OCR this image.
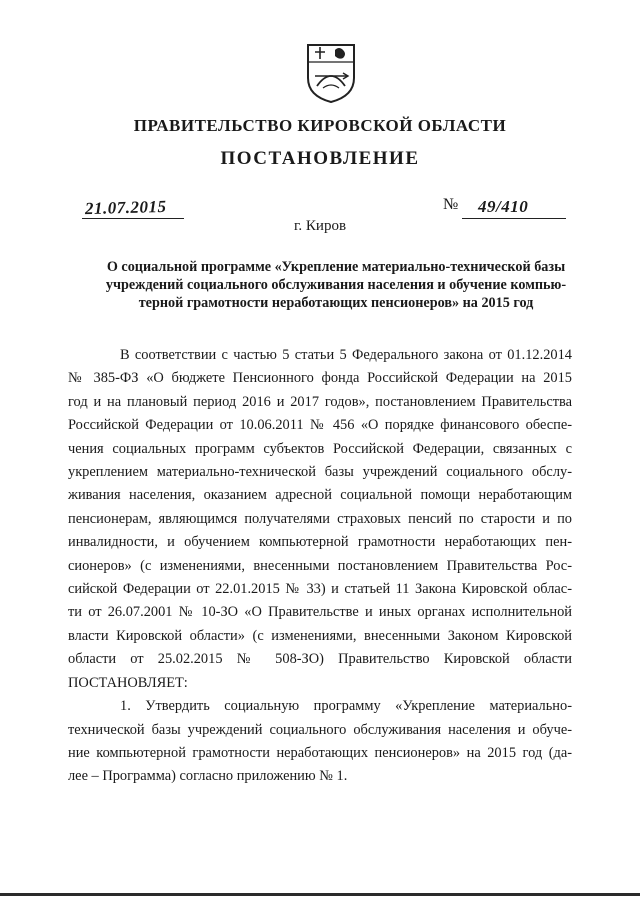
ПРАВИТЕЛЬСТВО КИРОВСКОЙ ОБЛАСТИ
ПОСТАНОВЛЕНИЕ
21.07.2015	№ 49/410
г. Киров
О социальной программе «Укрепление материально-технической базы
учреждений социального обслуживания населения и обучение компью-
терной грамотности неработающих пенсионеров» на 2015 год
В соответствии с частью 5 статьи 5 Федерального закона от 01.12.2014
№ 385-ФЗ «О бюджете Пенсионного фонда Российской Федерации на 2015
год и на плановый период 2016 и 2017 годов», постановлением Правительства
Российской Федерации от 10.06.2011 № 456 «О порядке финансового обеспе-
чения социальных программ субъектов Российской Федерации, связанных с
укреплением материально-технической базы учреждений социального обслу-
живания населения, оказанием адресной социальной помощи неработающим
пенсионерам, являющимся получателями страховых пенсий по старости и по
инвалидности, и обучением компьютерной грамотности неработающих пен-
сионеров» (с изменениями, внесенными постановлением Правительства Рос-
сийской Федерации от 22.01.2015 № 33) и статьей 11 Закона Кировской облас-
ти от 26.07.2001 № 10-ЗО «О Правительстве и иных органах исполнительной
власти Кировской области» (с изменениями, внесенными Законом Кировской
области от 25.02.2015 № 508-ЗО) Правительство Кировской области
ПОСТАНОВЛЯЕТ:
1. Утвердить социальную программу «Укрепление материально-
технической базы учреждений социального обслуживания населения и обуче-
ние компьютерной грамотности неработающих пенсионеров» на 2015 год (да-
лее – Программа) согласно приложению № 1.
